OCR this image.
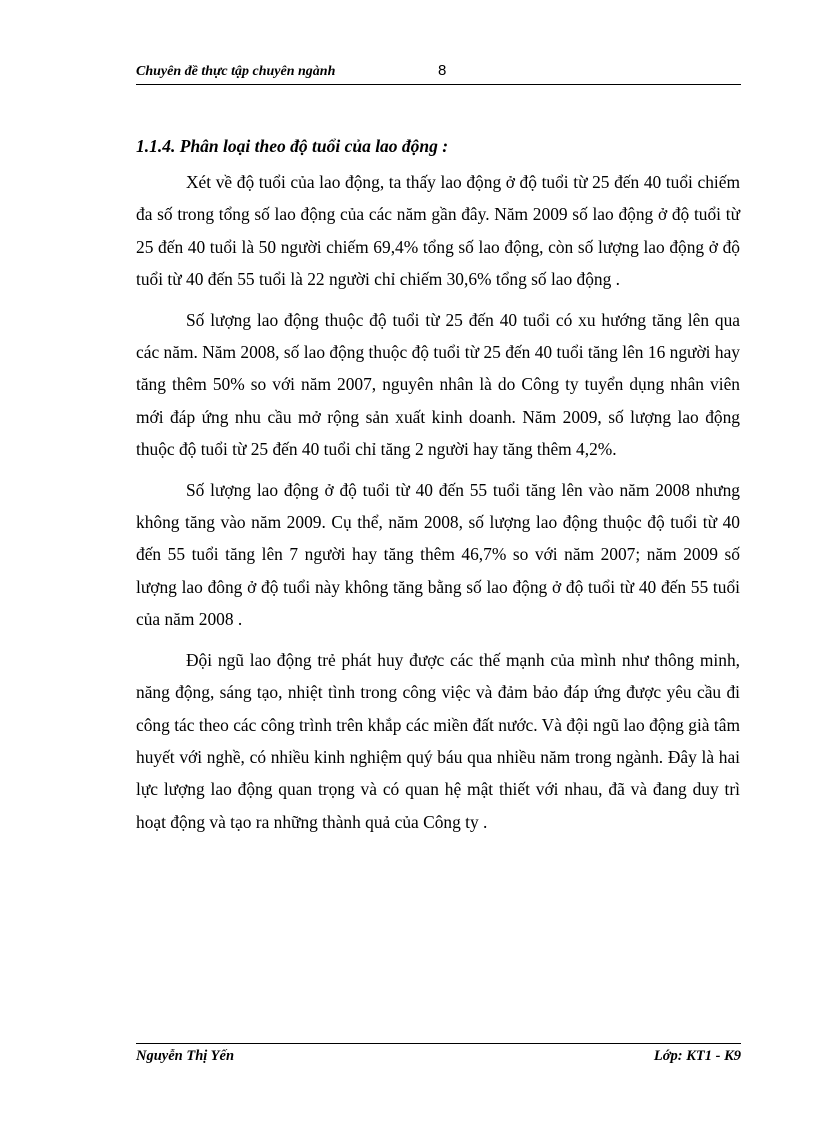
Chuyên đề thực tập chuyên ngành	8
1.1.4. Phân loại theo độ tuổi của lao động :

Xét về độ tuổi của lao động, ta thấy lao động ở độ tuổi từ 25 đến 40 tuổi chiếm đa số trong tổng số lao động của các năm gần đây. Năm 2009 số lao động ở độ tuổi từ 25 đến 40 tuổi là 50 người chiếm 69,4% tổng số lao động, còn số lượng lao động ở độ tuổi từ 40 đến 55 tuổi là 22 người chỉ chiếm 30,6% tổng số lao động .

Số lượng lao động thuộc độ tuổi từ 25 đến 40 tuổi có xu hướng tăng lên qua các năm. Năm 2008, số lao động thuộc độ tuổi từ 25 đến 40 tuổi tăng lên 16 người hay tăng thêm 50% so với năm 2007, nguyên nhân là do Công ty tuyển dụng nhân viên mới đáp ứng nhu cầu mở rộng sản xuất kinh doanh. Năm 2009, số lượng lao động thuộc độ tuổi từ 25 đến 40 tuổi chỉ tăng 2 người hay tăng thêm 4,2%.

Số lượng lao động ở độ tuổi từ 40 đến 55 tuổi tăng lên vào năm 2008 nhưng không tăng vào năm 2009. Cụ thể, năm 2008, số lượng lao động thuộc độ tuổi từ 40 đến 55 tuổi tăng lên 7 người hay tăng thêm 46,7% so với năm 2007; năm 2009 số lượng lao đông ở độ tuổi này không tăng bằng số lao động ở độ tuổi từ 40 đến 55 tuổi của năm 2008 .

Đội ngũ lao động trẻ phát huy được các thế mạnh của mình như thông minh, năng động, sáng tạo, nhiệt tình trong công việc và đảm bảo đáp ứng được yêu cầu đi công tác theo các công trình trên khắp các miền đất nước. Và đội ngũ lao động già tâm huyết với nghề, có nhiều kinh nghiệm quý báu qua nhiều năm trong ngành. Đây là hai lực lượng lao động quan trọng và có quan hệ mật thiết với nhau, đã và đang duy trì hoạt động và tạo ra những thành quả của Công ty .

Nguyễn Thị Yến	Lớp: KT1 - K9
